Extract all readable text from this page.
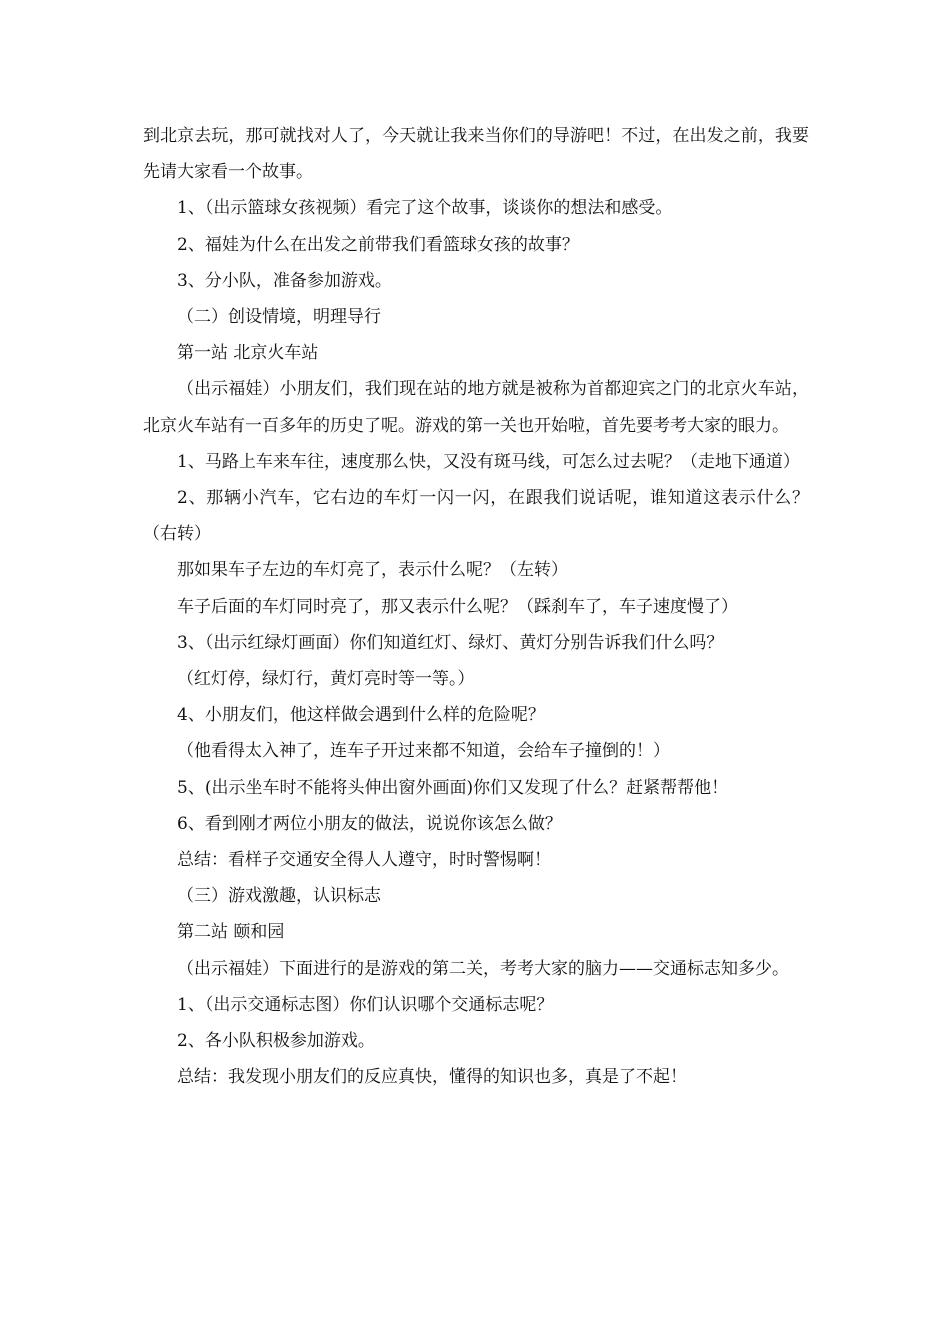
到北京去玩，那可就找对人了，今天就让我来当你们的导游吧！不过，在出发之前，我要先请大家看一个故事。

1、（出示篮球女孩视频）看完了这个故事，谈谈你的想法和感受。

2、福娃为什么在出发之前带我们看篮球女孩的故事？

3、分小队，准备参加游戏。

（二）创设情境，明理导行

第一站 北京火车站

（出示福娃）小朋友们，我们现在站的地方就是被称为首都迎宾之门的北京火车站，北京火车站有一百多年的历史了呢。游戏的第一关也开始啦，首先要考考大家的眼力。

1、马路上车来车往，速度那么快，又没有斑马线，可怎么过去呢？（走地下通道）

2、那辆小汽车，它右边的车灯一闪一闪，在跟我们说话呢，谁知道这表示什么？（右转）

那如果车子左边的车灯亮了，表示什么呢？（左转）

车子后面的车灯同时亮了，那又表示什么呢？（踩刹车了，车子速度慢了）

3、（出示红绿灯画面）你们知道红灯、绿灯、黄灯分别告诉我们什么吗？

（红灯停，绿灯行，黄灯亮时等一等。）

4、小朋友们，他这样做会遇到什么样的危险呢？

（他看得太入神了，连车子开过来都不知道，会给车子撞倒的！）

5、(出示坐车时不能将头伸出窗外画面)你们又发现了什么？赶紧帮帮他！

6、看到刚才两位小朋友的做法，说说你该怎么做？

总结：看样子交通安全得人人遵守，时时警惕啊！

（三）游戏激趣，认识标志

第二站 颐和园

（出示福娃）下面进行的是游戏的第二关，考考大家的脑力——交通标志知多少。

1、（出示交通标志图）你们认识哪个交通标志呢？

2、各小队积极参加游戏。

总结：我发现小朋友们的反应真快，懂得的知识也多，真是了不起！
